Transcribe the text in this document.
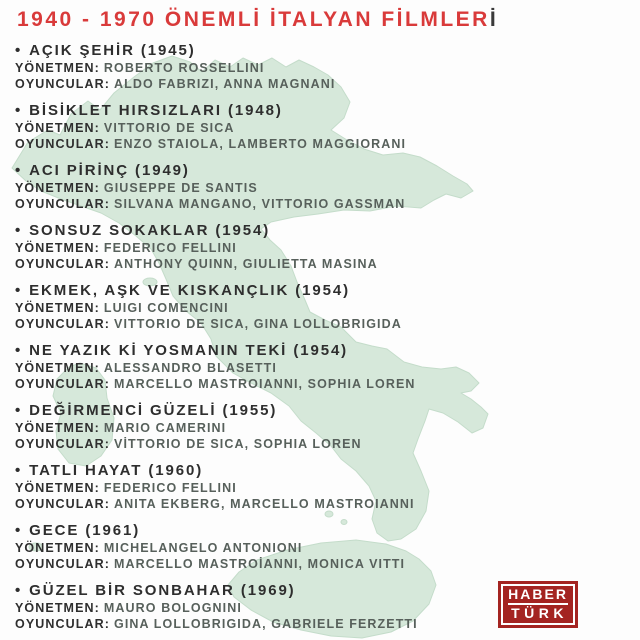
1940 - 1970 ÖNEMLİ İTALYAN FİLMLERİ
• AÇIK ŞEHİR (1945)
YÖNETMEN: ROBERTO ROSSELLINI
OYUNCULAR: ALDO FABRIZI, ANNA MAGNANI
• BİSİKLET HIRSIZLARI (1948)
YÖNETMEN: VITTORIO DE SICA
OYUNCULAR: ENZO STAIOLA, LAMBERTO MAGGIORANI
• ACI PİRİNÇ (1949)
YÖNETMEN: GIUSEPPE DE SANTIS
OYUNCULAR: SILVANA MANGANO, VITTORIO GASSMAN
• SONSUZ SOKAKLAR (1954)
YÖNETMEN: FEDERICO FELLINI
OYUNCULAR: ANTHONY QUINN, GIULIETTA MASINA
• EKMEK, AŞK VE KISKANÇLIK (1954)
YÖNETMEN: LUIGI COMENCINI
OYUNCULAR: VITTORIO DE SICA, GINA LOLLOBRIGIDA
• NE YAZIK Kİ YOSMANIN TEKİ (1954)
YÖNETMEN: ALESSANDRO BLASETTI
OYUNCULAR: MARCELLO MASTROIANNI, SOPHIA LOREN
• DEĞİRMENCİ GÜZELİ (1955)
YÖNETMEN: MARIO CAMERINI
OYUNCULAR: VİTTORIO DE SICA, SOPHIA LOREN
• TATLI HAYAT (1960)
YÖNETMEN: FEDERICO FELLINI
OYUNCULAR: ANITA EKBERG, MARCELLO MASTROIANNI
• GECE (1961)
YÖNETMEN: MICHELANGELO ANTONIONI
OYUNCULAR: MARCELLO MASTROİANNI, MONICA VITTI
• GÜZEL BİR SONBAHAR (1969)
YÖNETMEN: MAURO BOLOGNINI
OYUNCULAR: GINA LOLLOBRIGIDA, GABRIELE FERZETTI
HABER
TÜRK
